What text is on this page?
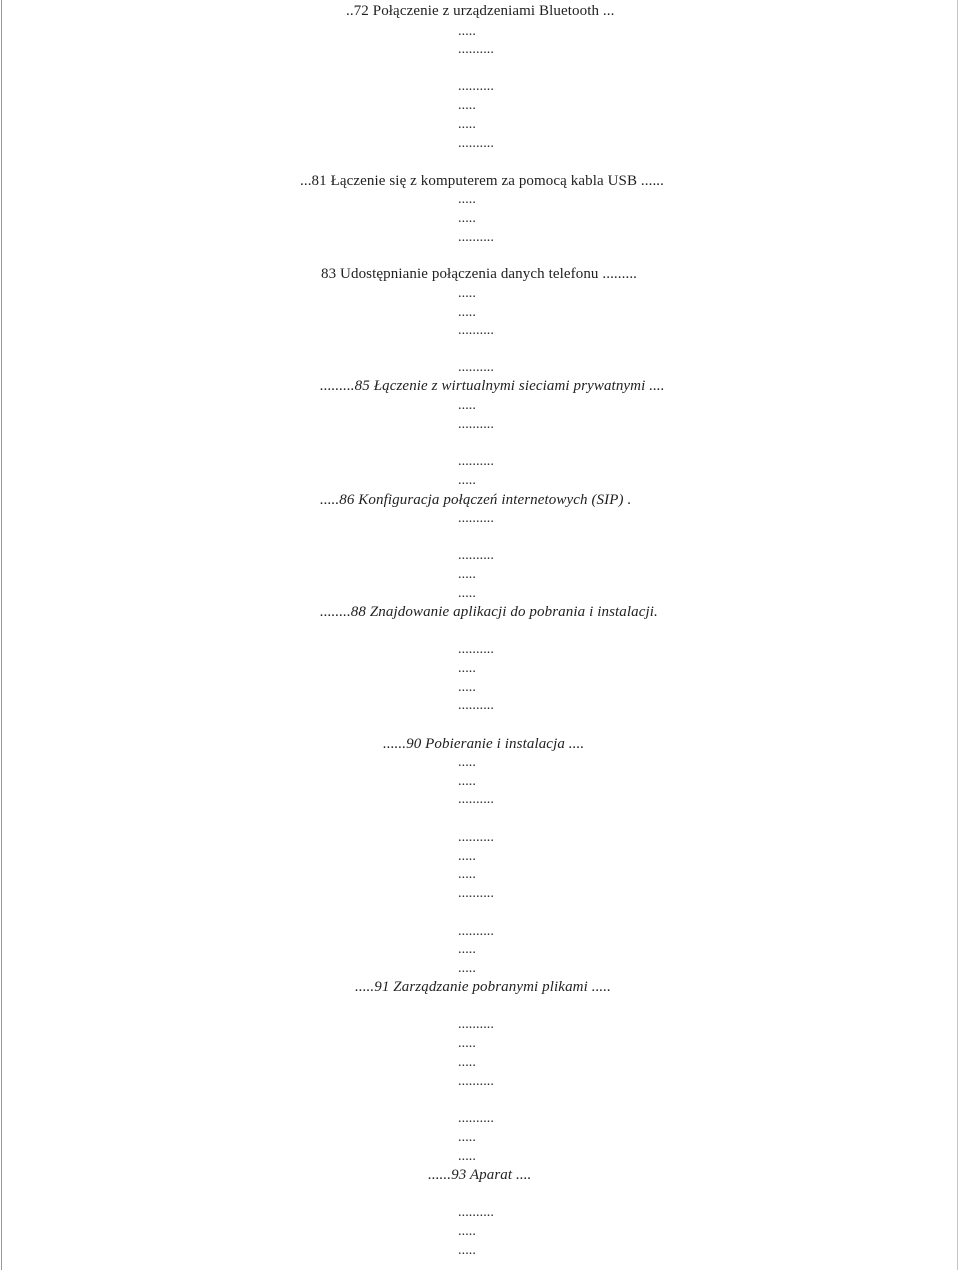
..72 Połączenie z urządzeniami Bluetooth ...
...81 Łączenie się z komputerem za pomocą kabla USB ......
83 Udostępnianie połączenia danych telefonu .........
.........85 Łączenie z wirtualnymi sieciami prywatnymi ....
.....86 Konfiguracja połączeń internetowych (SIP) .
........88 Znajdowanie aplikacji do pobrania i instalacji.
......90 Pobieranie i instalacja ....
.....91 Zarządzanie pobranymi plikami .....
......93 Aparat ....
.....
..........
..........
.....
.....
..........
.....
.....
..........
.....
.....
..........
..........
.....
..........
..........
.....
..........
..........
.....
.....
..........
.....
.....
..........
.....
.....
..........
..........
.....
.....
..........
..........
.....
.....
..........
.....
.....
..........
..........
.....
.....
..........
.....
.....
